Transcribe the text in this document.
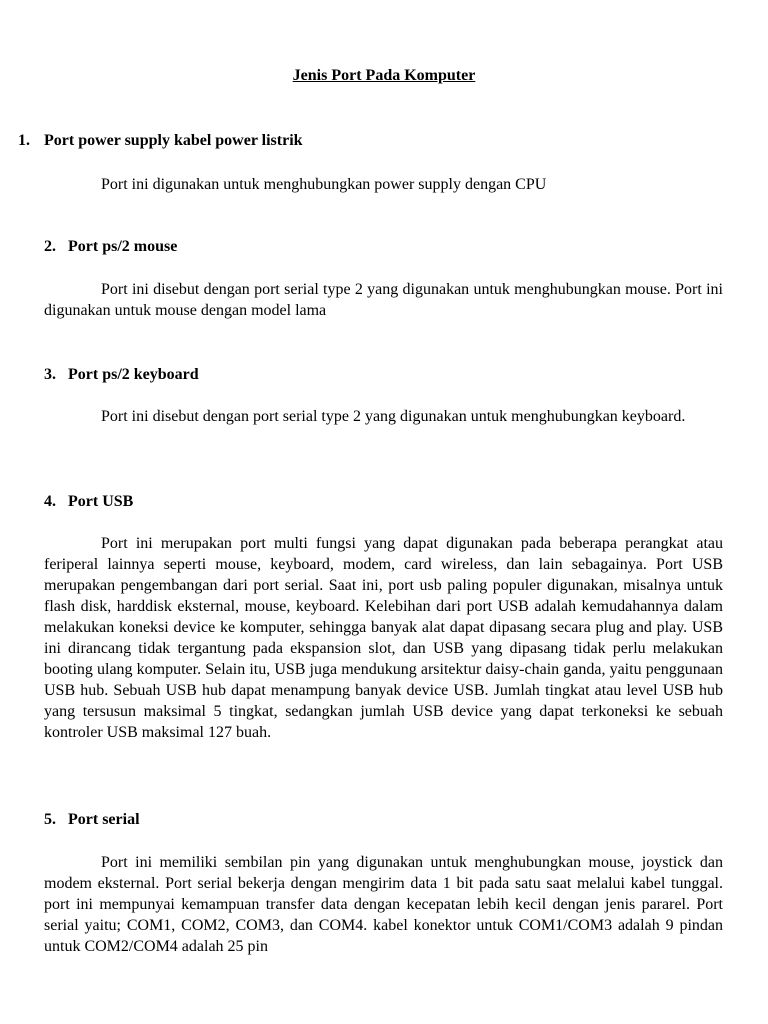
Jenis Port Pada Komputer
1. Port power supply kabel power listrik

Port ini digunakan untuk menghubungkan power supply dengan CPU

2. Port ps/2 mouse

Port ini disebut dengan port serial type 2 yang digunakan untuk menghubungkan mouse. Port ini digunakan untuk mouse dengan model lama

3. Port ps/2 keyboard

Port ini disebut dengan port serial type 2 yang digunakan untuk menghubungkan keyboard.

4. Port USB

Port ini merupakan port multi fungsi yang dapat digunakan pada beberapa perangkat atau feriperal lainnya seperti mouse, keyboard, modem, card wireless, dan lain sebagainya. Port USB merupakan pengembangan dari port serial. Saat ini, port usb paling populer digunakan, misalnya untuk flash disk, harddisk eksternal, mouse, keyboard. Kelebihan dari port USB adalah kemudahannya dalam melakukan koneksi device ke komputer, sehingga banyak alat dapat dipasang secara plug and play. USB ini dirancang tidak tergantung pada ekspansion slot, dan USB yang dipasang tidak perlu melakukan booting ulang komputer. Selain itu, USB juga mendukung arsitektur daisy-chain ganda, yaitu penggunaan USB hub. Sebuah USB hub dapat menampung banyak device USB. Jumlah tingkat atau level USB hub yang tersusun maksimal 5 tingkat, sedangkan jumlah USB device yang dapat terkoneksi ke sebuah kontroler USB maksimal 127 buah.

5. Port serial

Port ini memiliki sembilan pin yang digunakan untuk menghubungkan mouse, joystick dan modem eksternal. Port serial bekerja dengan mengirim data 1 bit pada satu saat melalui kabel tunggal. port ini mempunyai kemampuan transfer data dengan kecepatan lebih kecil dengan jenis pararel. Port serial yaitu; COM1, COM2, COM3, dan COM4. kabel konektor untuk COM1/COM3 adalah 9 pindan untuk COM2/COM4 adalah 25 pin
